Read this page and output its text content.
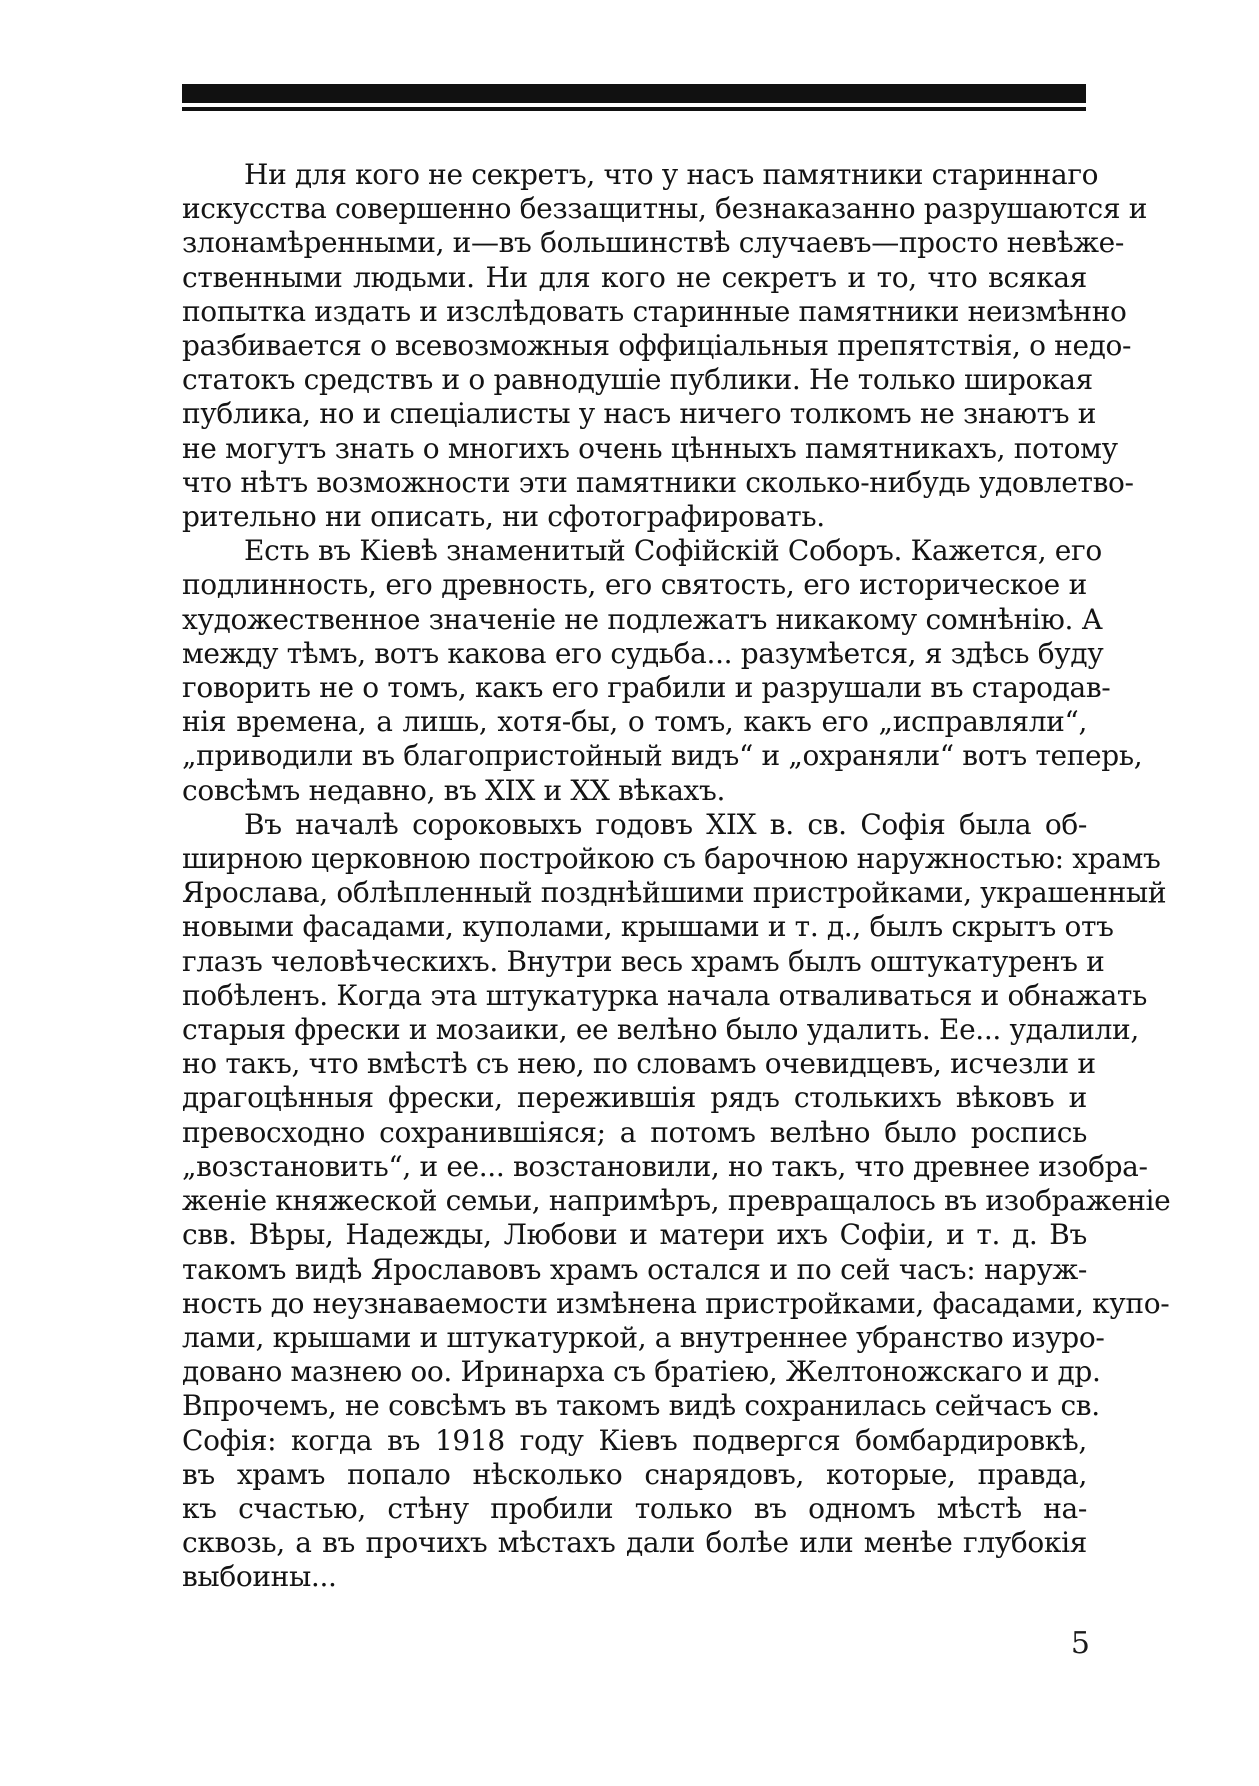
Ни для кого не секретъ, что у насъ памятники стариннаго
искусства совершенно беззащитны, безнаказанно разрушаются и
злонамѣренными, и—въ большинствѣ случаевъ—просто невѣже-
ственными людьми. Ни для кого не секретъ и то, что всякая
попытка издать и изслѣдовать старинные памятники неизмѣнно
разбивается о всевозможныя оффиціальныя препятствія, о недо-
статокъ средствъ и о равнодушіе публики. Не только широкая
публика, но и спеціалисты у насъ ничего толкомъ не знаютъ и
не могутъ знать о многихъ очень цѣнныхъ памятникахъ, потому
что нѣтъ возможности эти памятники сколько-нибудь удовлетво-
рительно ни описать, ни сфотографировать.

Есть въ Кіевѣ знаменитый Софійскій Соборъ. Кажется, его
подлинность, его древность, его святость, его историческое и
художественное значеніе не подлежатъ никакому сомнѣнію. А
между тѣмъ, вотъ какова его судьба... разумѣется, я здѣсь буду
говорить не о томъ, какъ его грабили и разрушали въ стародав-
нія времена, а лишь, хотя-бы, о томъ, какъ его „исправляли“,
„приводили въ благопристойный видъ“ и „охраняли“ вотъ теперь,
совсѣмъ недавно, въ XIX и XX вѣкахъ.

Въ началѣ сороковыхъ годовъ XIX в. св. Софія была об-
ширною церковною постройкою съ барочною наружностью: храмъ
Ярослава, облѣпленный позднѣйшими пристройками, украшенный
новыми фасадами, куполами, крышами и т. д., былъ скрытъ отъ
глазъ человѣческихъ. Внутри весь храмъ былъ оштукатуренъ и
побѣленъ. Когда эта штукатурка начала отваливаться и обнажать
старыя фрески и мозаики, ее велѣно было удалить. Ее... удалили,
но такъ, что вмѣстѣ съ нею, по словамъ очевидцевъ, исчезли и
драгоцѣнныя фрески, пережившія рядъ столькихъ вѣковъ и
превосходно сохранившіяся; а потомъ велѣно было роспись
„возстановить“, и ее... возстановили, но такъ, что древнее изобра-
женіе княжеской семьи, напримѣръ, превращалось въ изображеніе
свв. Вѣры, Надежды, Любови и матери ихъ Софіи, и т. д. Въ
такомъ видѣ Ярославовъ храмъ остался и по сей часъ: наруж-
ность до неузнаваемости измѣнена пристройками, фасадами, купо-
лами, крышами и штукатуркой, а внутреннее убранство изуро-
довано мазнею оо. Иринарха съ братіею, Желтоножскаго и др.
Впрочемъ, не совсѣмъ въ такомъ видѣ сохранилась сейчасъ св.
Софія: когда въ 1918 году Кіевъ подвергся бомбардировкѣ,
въ храмъ попало нѣсколько снарядовъ, которые, правда,
къ счастью, стѣну пробили только въ одномъ мѣстѣ на-
сквозь, а въ прочихъ мѣстахъ дали болѣе или менѣе глубокія
выбоины...

5
